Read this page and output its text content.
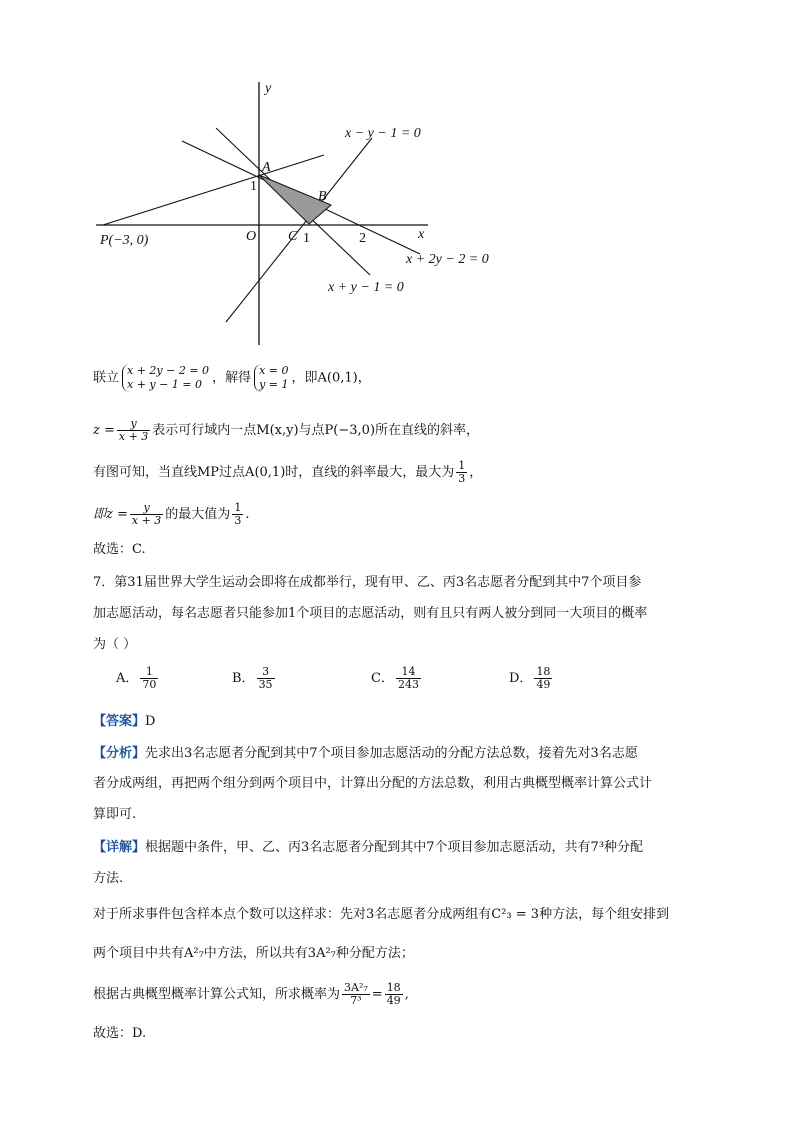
y
x
A
B
C
O
1
1	2
P(−3, 0)
x − y − 1 = 0
x + 2y − 2 = 0
x + y − 1 = 0
联立 x + 2y − 2 = 0
x + y − 1 = 0 ，解得 x = 0
y = 1 ，即A(0,1)，
$z = \frac{y}{x + 3}$ 表示可行域内一点M(x,y)与点P(−3,0)所在直线的斜率，
有图可知，当直线MP过点A(0,1)时，直线的斜率最大，最大为 $\frac{1}{3}$ ，
即$z = \frac{y}{x + 3}$ 的最大值为 $\frac{1}{3}$ .
故选：C.
7．第31届世界大学生运动会即将在成都举行，现有甲、乙、丙3名志愿者分配到其中7个项目参
加志愿活动，每名志愿者只能参加1个项目的志愿活动，则有且只有两人被分到同一大项目的概率
为（ ）
A． $\frac{1}{70}$	B． $\frac{3}{35}$	C． $\frac{14}{243}$	D． $\frac{18}{49}$
【答案】D
【分析】先求出3名志愿者分配到其中7个项目参加志愿活动的分配方法总数，接着先对3名志愿
者分成两组，再把两个组分到两个项目中，计算出分配的方法总数，利用古典概型概率计算公式计
算即可.
【详解】根据题中条件，甲、乙、丙3名志愿者分配到其中7个项目参加志愿活动，共有7³种分配
方法.
对于所求事件包含样本点个数可以这样求：先对3名志愿者分成两组有C²₃ = 3种方法，每个组安排到
两个项目中共有A²₇中方法，所以共有3A²₇种分配方法；
根据古典概型概率计算公式知，所求概率为 $\frac{\text{3A²₇}}{\text{7³}} = \frac{18}{49}$ ,
故选：D.
